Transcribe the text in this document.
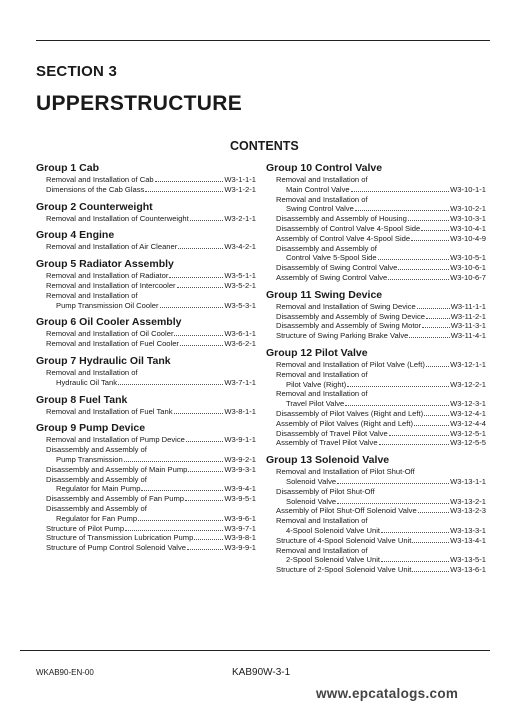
SECTION 3
UPPERSTRUCTURE
CONTENTS
Group 1 Cab
Removal and Installation of Cab	W3-1-1-1
Dimensions of the Cab Glass	W3-1-2-1
Group 2 Counterweight
Removal and Installation of Counterweight	W3-2-1-1
Group 4 Engine
Removal and Installation of Air Cleaner	W3-4-2-1
Group 5 Radiator Assembly
Removal and Installation of Radiator	W3-5-1-1
Removal and Installation of Intercooler	W3-5-2-1
Removal and Installation of
Pump Transmission Oil Cooler	W3-5-3-1
Group 6 Oil Cooler Assembly
Removal and Installation of Oil Cooler	W3-6-1-1
Removal and Installation of Fuel Cooler	W3-6-2-1
Group 7 Hydraulic Oil Tank
Removal and Installation of
Hydraulic Oil Tank	W3-7-1-1
Group 8 Fuel Tank
Removal and Installation of Fuel Tank	W3-8-1-1
Group 9 Pump Device
Removal and Installation of Pump Device	W3-9-1-1
Disassembly and Assembly of
Pump Transmission	W3-9-2-1
Disassembly and Assembly of Main Pump	W3-9-3-1
Disassembly and Assembly of
Regulator for Main Pump	W3-9-4-1
Disassembly and Assembly of Fan Pump	W3-9-5-1
Disassembly and Assembly of
Regulator for Fan Pump	W3-9-6-1
Structure of Pilot Pump	W3-9-7-1
Structure of Transmission Lubrication Pump	W3-9-8-1
Structure of Pump Control Solenoid Valve	W3-9-9-1
Group 10 Control Valve
Removal and Installation of
Main Control Valve	W3-10-1-1
Removal and Installation of
Swing Control Valve	W3-10-2-1
Disassembly and Assembly of Housing	W3-10-3-1
Disassembly of Control Valve 4-Spool Side	W3-10-4-1
Assembly of Control Valve 4-Spool Side	W3-10-4-9
Disassembly and Assembly of
Control Valve 5-Spool Side	W3-10-5-1
Disassembly of Swing Control Valve	W3-10-6-1
Assembly of Swing Control Valve	W3-10-6-7
Group 11 Swing Device
Removal and Installation of Swing Device	W3-11-1-1
Disassembly and Assembly of Swing Device	W3-11-2-1
Disassembly and Assembly of Swing Motor	W3-11-3-1
Structure of Swing Parking Brake Valve	W3-11-4-1
Group 12 Pilot Valve
Removal and Installation of Pilot Valve (Left)	W3-12-1-1
Removal and Installation of
Pilot Valve (Right)	W3-12-2-1
Removal and Installation of
Travel Pilot Valve	W3-12-3-1
Disassembly of Pilot Valves (Right and Left)	W3-12-4-1
Assembly of Pilot Valves (Right and Left)	W3-12-4-4
Disassembly of Travel Pilot Valve	W3-12-5-1
Assembly of Travel Pilot Valve	W3-12-5-5
Group 13 Solenoid Valve
Removal and Installation of Pilot Shut-Off
Solenoid Valve	W3-13-1-1
Disassembly of Pilot Shut-Off
Solenoid Valve	W3-13-2-1
Assembly of Pilot Shut-Off Solenoid Valve	W3-13-2-3
Removal and Installation of
4-Spool Solenoid Valve Unit	W3-13-3-1
Structure of 4-Spool Solenoid Valve Unit	W3-13-4-1
Removal and Installation of
2-Spool Solenoid Valve Unit	W3-13-5-1
Structure of 2-Spool Solenoid Valve Unit	W3-13-6-1
WKAB90-EN-00	KAB90W-3-1
www.epcatalogs.com
